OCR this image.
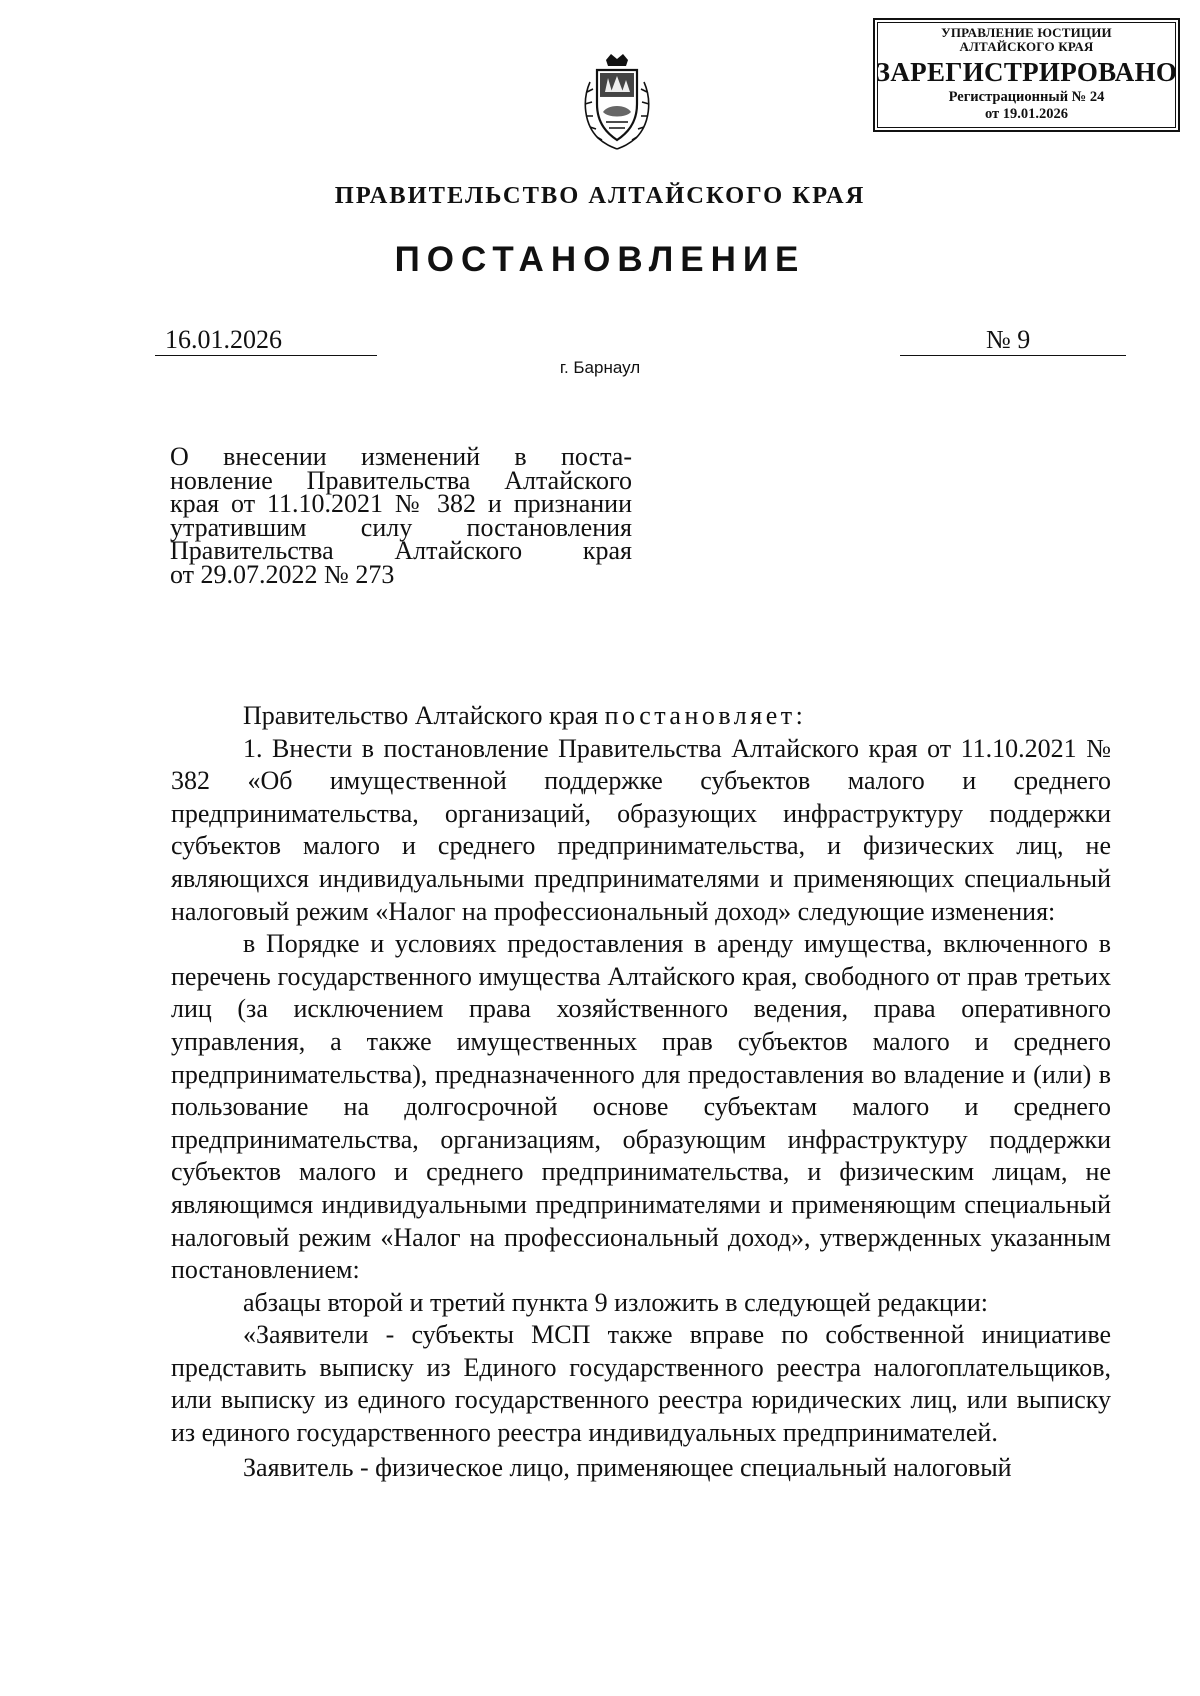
УПРАВЛЕНИЕ ЮСТИЦИИ
АЛТАЙСКОГО КРАЯ
ЗАРЕГИСТРИРОВАНО
Регистрационный № 24
от 19.01.2026
ПРАВИТЕЛЬСТВО АЛТАЙСКОГО КРАЯ
ПОСТАНОВЛЕНИЕ
16.01.2026	№ 9
г. Барнаул
О внесении изменений в поста-
новление Правительства Алтайского
края от 11.10.2021 № 382 и признании
утратившим силу постановления
Правительства Алтайского края
от 29.07.2022 № 273

Правительство Алтайского края постановляет:

1. Внести в постановление Правительства Алтайского края от 11.10.2021 № 382 «Об имущественной поддержке субъектов малого и среднего предпринимательства, организаций, образующих инфраструктуру поддержки субъектов малого и среднего предпринимательства, и физических лиц, не являющихся индивидуальными предпринимателями и применяющих специальный налоговый режим «Налог на профессиональный доход» следующие изменения:

в Порядке и условиях предоставления в аренду имущества, включенного в перечень государственного имущества Алтайского края, свободного от прав третьих лиц (за исключением права хозяйственного ведения, права оперативного управления, а также имущественных прав субъектов малого и среднего предпринимательства), предназначенного для предоставления во владение и (или) в пользование на долгосрочной основе субъектам малого и среднего предпринимательства, организациям, образующим инфраструктуру поддержки субъектов малого и среднего предпринимательства, и физическим лицам, не являющимся индивидуальными предпринимателями и применяющим специальный налоговый режим «Налог на профессиональный доход», утвержденных указанным постановлением:

абзацы второй и третий пункта 9 изложить в следующей редакции:

«Заявители - субъекты МСП также вправе по собственной инициативе представить выписку из Единого государственного реестра налогоплательщиков, или выписку из единого государственного реестра юридических лиц, или выписку из единого государственного реестра индивидуальных предпринимателей.

Заявитель - физическое лицо, применяющее специальный налоговый
